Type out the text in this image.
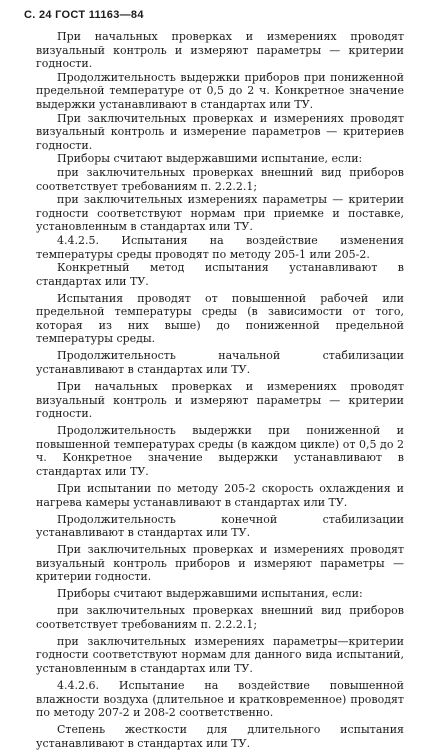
С. 24 ГОСТ 11163—84

При начальных проверках и измерениях проводят визуальный контроль и измеряют параметры — критерии годности.

Продолжительность выдержки приборов при пониженной предельной температуре от 0,5 до 2 ч. Конкретное значение выдержки устанавливают в стандартах или ТУ.

При заключительных проверках и измерениях проводят визуальный контроль и измерение параметров — критериев годности.

Приборы считают выдержавшими испытание, если:

при заключительных проверках внешний вид приборов соответствует требованиям п. 2.2.2.1;

при заключительных измерениях параметры — критерии годности соответствуют нормам при приемке и поставке, установленным в стандартах или ТУ.

4.4.2.5. Испытания на воздействие изменения температуры среды проводят по методу 205-1 или 205-2.

Конкретный метод испытания устанавливают в стандартах или ТУ.

Испытания проводят от повышенной рабочей или предельной температуры среды (в зависимости от того, которая из них выше) до пониженной предельной температуры среды.

Продолжительность начальной стабилизации устанавливают в стандартах или ТУ.

При начальных проверках и измерениях проводят визуальный контроль и измеряют параметры — критерии годности.

Продолжительность выдержки при пониженной и повышенной температурах среды (в каждом цикле) от 0,5 до 2 ч. Конкретное значение выдержки устанавливают в стандартах или ТУ.

При испытании по методу 205-2 скорость охлаждения и нагрева камеры устанавливают в стандартах или ТУ.

Продолжительность конечной стабилизации устанавливают в стандартах или ТУ.

При заключительных проверках и измерениях проводят визуальный контроль приборов и измеряют параметры — критерии годности.

Приборы считают выдержавшими испытания, если:

при заключительных проверках внешний вид приборов соответствует требованиям п. 2.2.2.1;

при заключительных измерениях параметры—критерии годности соответствуют нормам для данного вида испытаний, установленным в стандартах или ТУ.

4.4.2.6. Испытание на воздействие повышенной влажности воздуха (длительное и кратковременное) проводят по методу 207-2 и 208-2 соответственно.

Степень жесткости для длительного испытания устанавливают в стандартах или ТУ.
